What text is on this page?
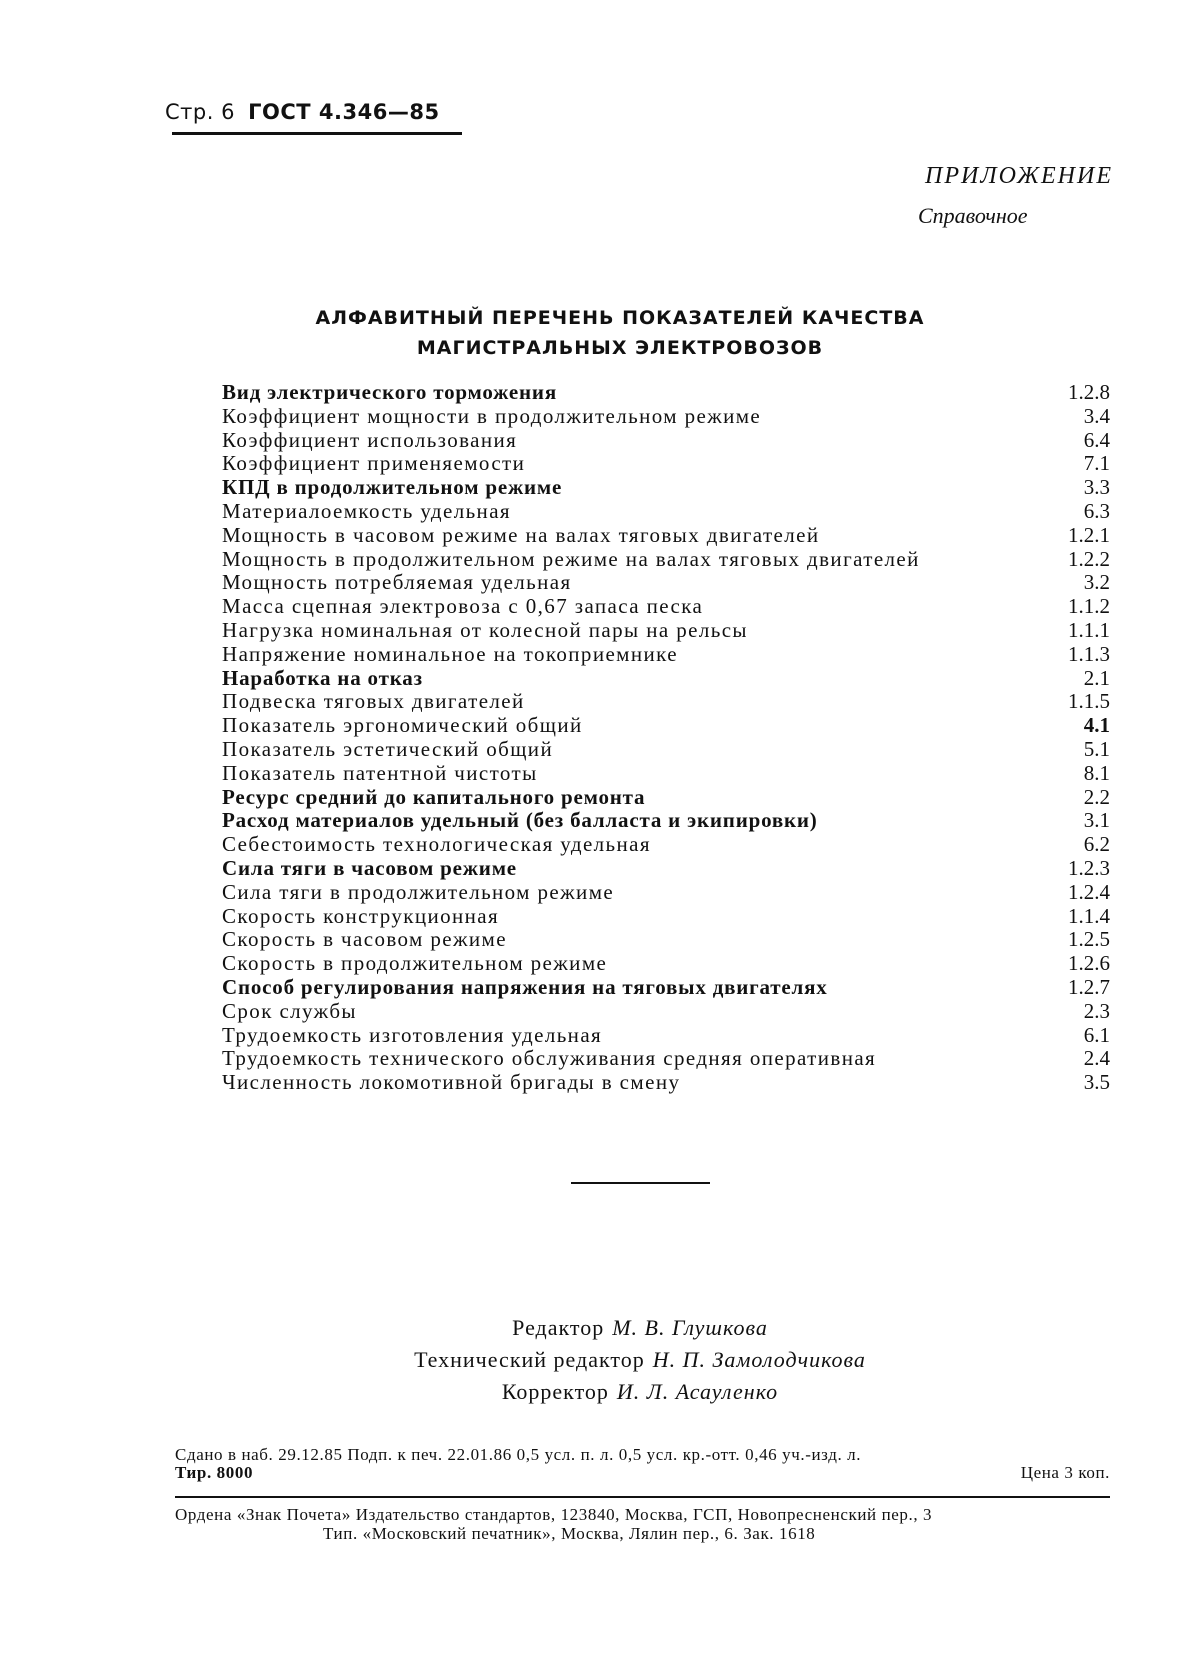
Стр. 6 ГОСТ 4.346—85
ПРИЛОЖЕНИЕ
Справочное
АЛФАВИТНЫЙ ПЕРЕЧЕНЬ ПОКАЗАТЕЛЕЙ КАЧЕСТВА
МАГИСТРАЛЬНЫХ ЭЛЕКТРОВОЗОВ
Вид электрического торможения	1.2.8
Коэффициент мощности в продолжительном режиме	3.4
Коэффициент использования	6.4
Коэффициент применяемости	7.1
КПД в продолжительном режиме	3.3
Материалоемкость удельная	6.3
Мощность в часовом режиме на валах тяговых двигателей	1.2.1
Мощность в продолжительном режиме на валах тяговых двигателей	1.2.2
Мощность потребляемая удельная	3.2
Масса сцепная электровоза с 0,67 запаса песка	1.1.2
Нагрузка номинальная от колесной пары на рельсы	1.1.1
Напряжение номинальное на токоприемнике	1.1.3
Наработка на отказ	2.1
Подвеска тяговых двигателей	1.1.5
Показатель эргономический общий	4.1
Показатель эстетический общий	5.1
Показатель патентной чистоты	8.1
Ресурс средний до капитального ремонта	2.2
Расход материалов удельный (без балласта и экипировки)	3.1
Себестоимость технологическая удельная	6.2
Сила тяги в часовом режиме	1.2.3
Сила тяги в продолжительном режиме	1.2.4
Скорость конструкционная	1.1.4
Скорость в часовом режиме	1.2.5
Скорость в продолжительном режиме	1.2.6
Способ регулирования напряжения на тяговых двигателях	1.2.7
Срок службы	2.3
Трудоемкость изготовления удельная	6.1
Трудоемкость технического обслуживания средняя оперативная	2.4
Численность локомотивной бригады в смену	3.5
Редактор М. В. Глушкова
Технический редактор Н. П. Замолодчикова
Корректор И. Л. Асауленко
Сдано в наб. 29.12.85 Подп. к печ. 22.01.86 0,5 усл. п. л. 0,5 усл. кр.-отт. 0,46 уч.-изд. л.
Тир. 8000	Цена 3 коп.
Ордена «Знак Почета» Издательство стандартов, 123840, Москва, ГСП, Новопресненский пер., 3
Тип. «Московский печатник», Москва, Лялин пер., 6. Зак. 1618
